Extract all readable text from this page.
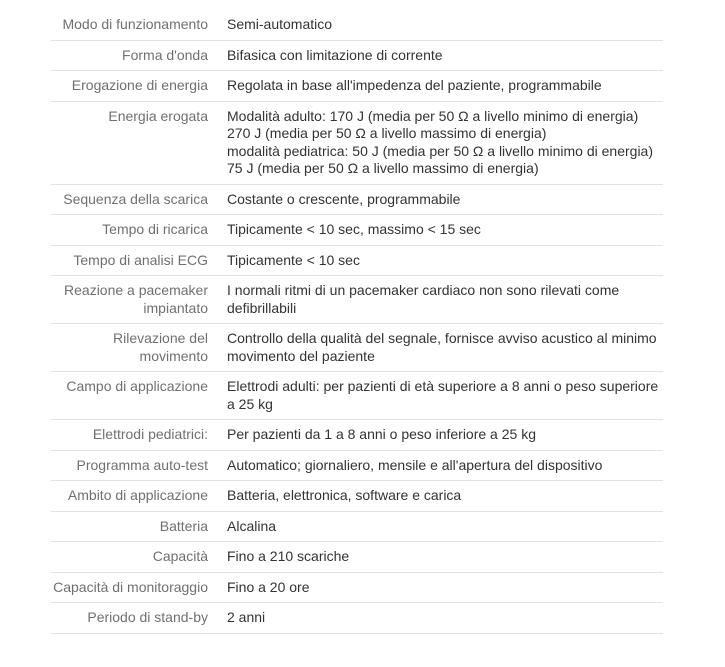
Modo di funzionamento Semi-automatico
Forma d'onda Bifasica con limitazione di corrente
Erogazione di energia Regolata in base all'impedenza del paziente, programmabile
Energia erogata Modalità adulto: 170 J (media per 50 Ω a livello minimo di energia)
270 J (media per 50 Ω a livello massimo di energia)
modalità pediatrica: 50 J (media per 50 Ω a livello minimo di energia)
75 J (media per 50 Ω a livello massimo di energia)
Sequenza della scarica Costante o crescente, programmabile
Tempo di ricarica Tipicamente < 10 sec, massimo < 15 sec
Tempo di analisi ECG Tipicamente < 10 sec
Reazione a pacemaker impiantato
I normali ritmi di un pacemaker cardiaco non sono rilevati come defibrillabili
Rilevazione del movimento
Controllo della qualità del segnale, fornisce avviso acustico al minimo movimento del paziente
Campo di applicazione Elettrodi adulti: per pazienti di età superiore a 8 anni o peso superiore a 25 kg
Elettrodi pediatrici: Per pazienti da 1 a 8 anni o peso inferiore a 25 kg
Programma auto-test Automatico; giornaliero, mensile e all'apertura del dispositivo
Ambito di applicazione Batteria, elettronica, software e carica
Batteria Alcalina
Capacità Fino a 210 scariche
Capacità di monitoraggio Fino a 20 ore
Periodo di stand-by 2 anni
